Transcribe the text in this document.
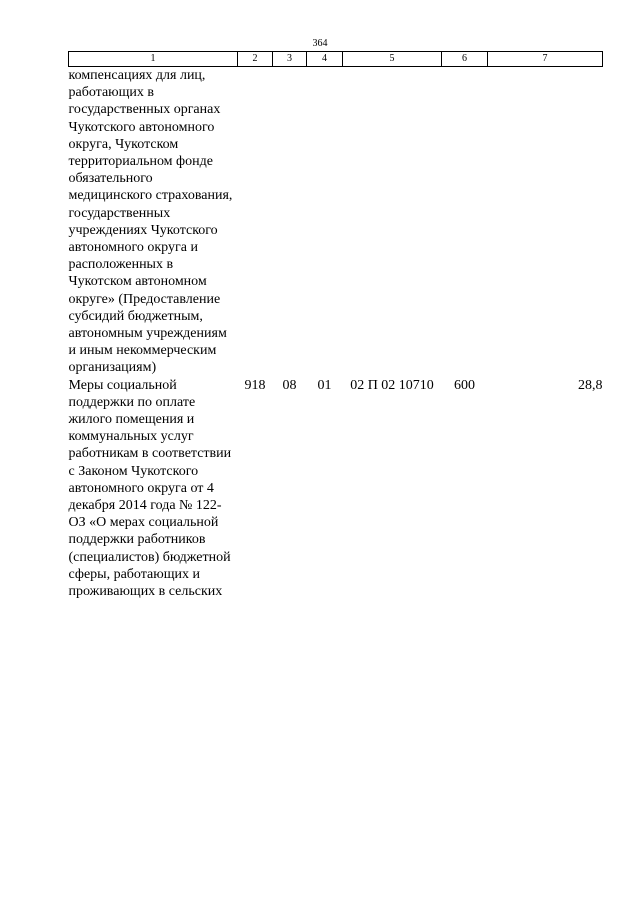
364
1	2	3	4	5	6	7
компенсациях для лиц, работающих в государственных органах Чукотского автономного округа, Чукотском территориальном фонде обязательного медицинского страхования, государственных учреждениях Чукотского автономного округа и расположенных в Чукотском автономном округе» (Предоставление субсидий бюджетным, автономным учреждениям и иным некоммерческим организациям)						
Меры социальной поддержки по оплате жилого помещения и коммунальных услуг работникам в соответствии с Законом Чукотского автономного округа от 4 декабря 2014 года № 122-ОЗ «О мерах социальной поддержки работников (специалистов) бюджетной сферы, работающих и проживающих в сельских	918	08	01	02 П 02 10710	600	28,8
